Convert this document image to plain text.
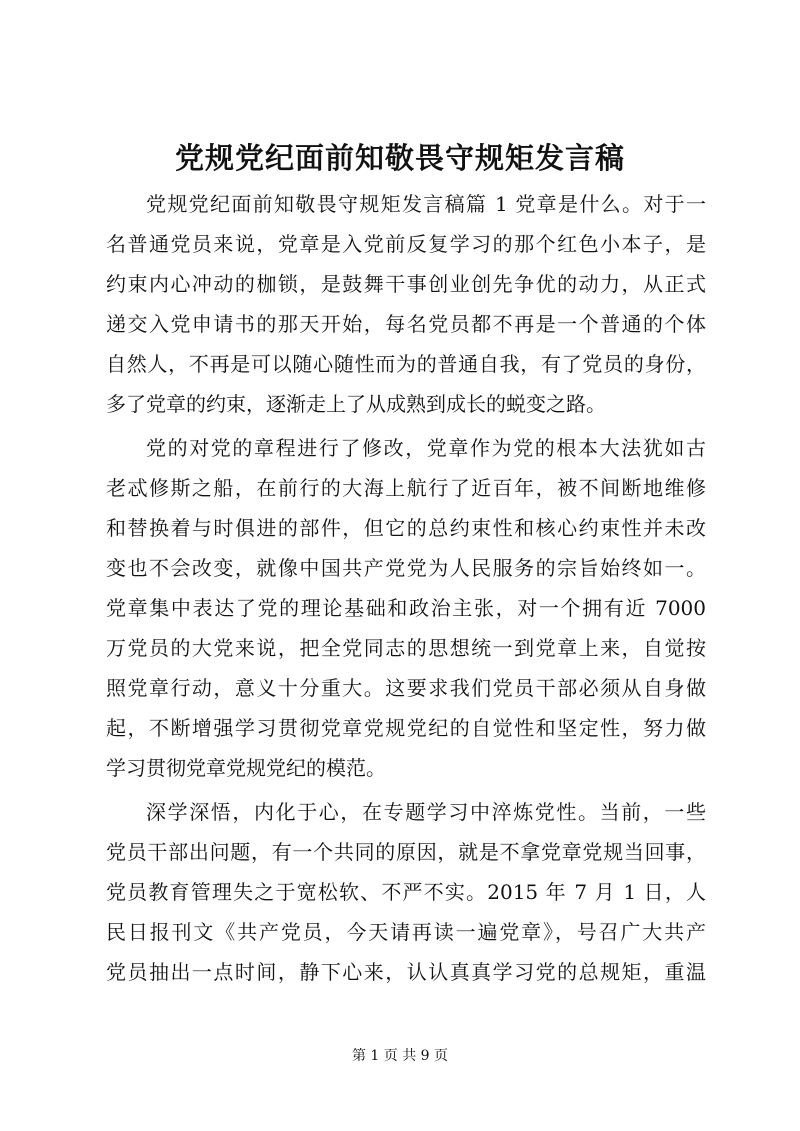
党规党纪面前知敬畏守规矩发言稿
党规党纪面前知敬畏守规矩发言稿篇 1 党章是什么。对于一
名普通党员来说，党章是入党前反复学习的那个红色小本子，是
约束内心冲动的枷锁，是鼓舞干事创业创先争优的动力，从正式
递交入党申请书的那天开始，每名党员都不再是一个普通的个体
自然人，不再是可以随心随性而为的普通自我，有了党员的身份，
多了党章的约束，逐渐走上了从成熟到成长的蜕变之路。
党的对党的章程进行了修改，党章作为党的根本大法犹如古
老忒修斯之船，在前行的大海上航行了近百年，被不间断地维修
和替换着与时俱进的部件，但它的总约束性和核心约束性并未改
变也不会改变，就像中国共产党党为人民服务的宗旨始终如一。
党章集中表达了党的理论基础和政治主张，对一个拥有近 7000
万党员的大党来说，把全党同志的思想统一到党章上来，自觉按
照党章行动，意义十分重大。这要求我们党员干部必须从自身做
起，不断增强学习贯彻党章党规党纪的自觉性和坚定性，努力做
学习贯彻党章党规党纪的模范。
深学深悟，内化于心，在专题学习中淬炼党性。当前，一些
党员干部出问题，有一个共同的原因，就是不拿党章党规当回事，
党员教育管理失之于宽松软、不严不实。2015 年 7 月 1 日，人
民日报刊文《共产党员，今天请再读一遍党章》，号召广大共产
党员抽出一点时间，静下心来，认认真真学习党的总规矩，重温
第 1 页 共 9 页
